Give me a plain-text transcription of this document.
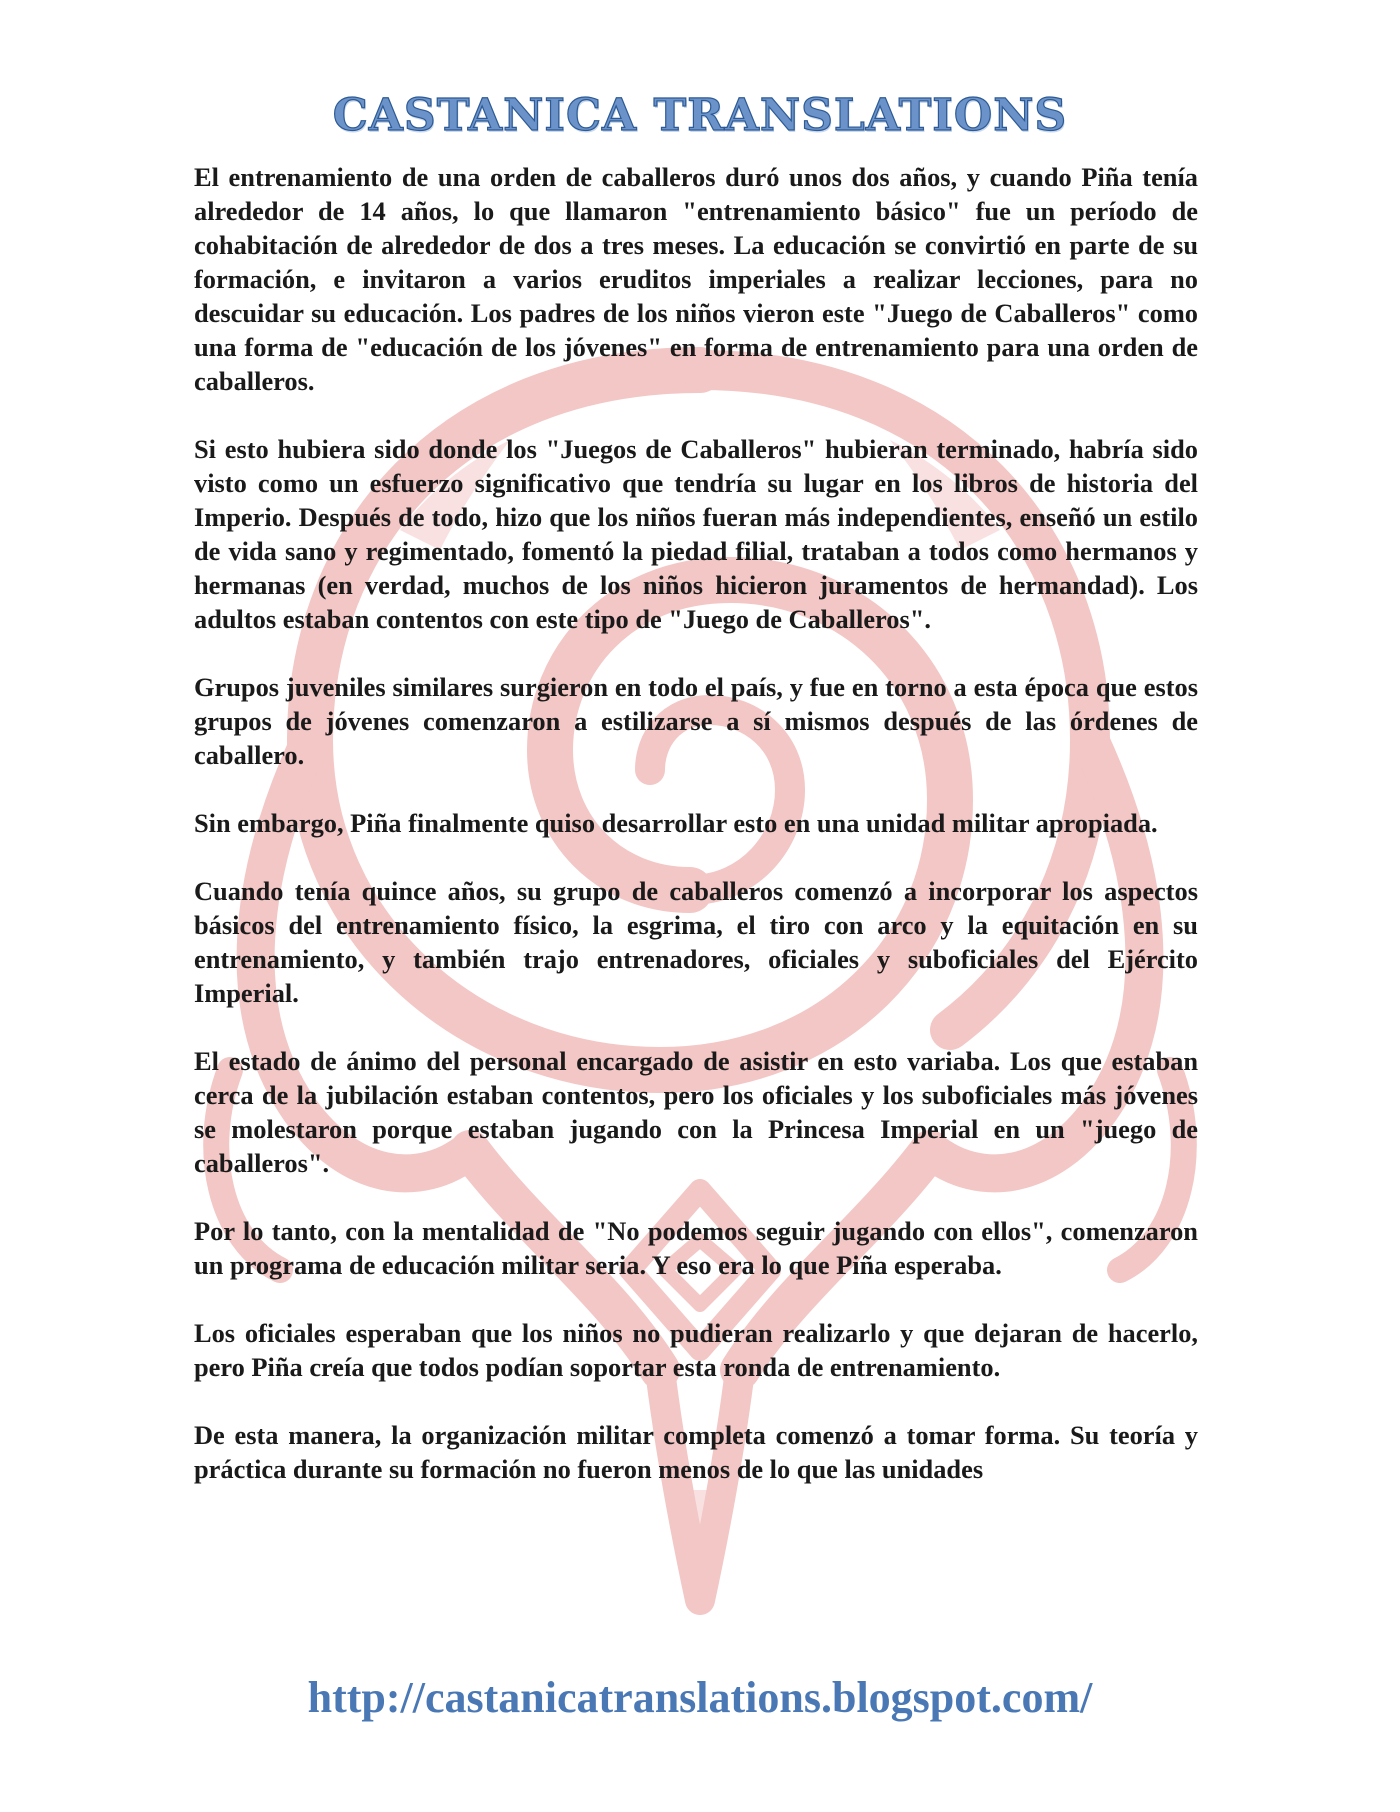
CASTANICA TRANSLATIONS

El entrenamiento de una orden de caballeros duró unos dos años, y cuando Piña tenía alrededor de 14 años, lo que llamaron "entrenamiento básico" fue un período de cohabitación de alrededor de dos a tres meses. La educación se convirtió en parte de su formación, e invitaron a varios eruditos imperiales a realizar lecciones, para no descuidar su educación. Los padres de los niños vieron este "Juego de Caballeros" como una forma de "educación de los jóvenes" en forma de entrenamiento para una orden de caballeros.

Si esto hubiera sido donde los "Juegos de Caballeros" hubieran terminado, habría sido visto como un esfuerzo significativo que tendría su lugar en los libros de historia del Imperio. Después de todo, hizo que los niños fueran más independientes, enseñó un estilo de vida sano y regimentado, fomentó la piedad filial, trataban a todos como hermanos y hermanas (en verdad, muchos de los niños hicieron juramentos de hermandad). Los adultos estaban contentos con este tipo de "Juego de Caballeros".

Grupos juveniles similares surgieron en todo el país, y fue en torno a esta época que estos grupos de jóvenes comenzaron a estilizarse a sí mismos después de las órdenes de caballero.

Sin embargo, Piña finalmente quiso desarrollar esto en una unidad militar apropiada.

Cuando tenía quince años, su grupo de caballeros comenzó a incorporar los aspectos básicos del entrenamiento físico, la esgrima, el tiro con arco y la equitación en su entrenamiento, y también trajo entrenadores, oficiales y suboficiales del Ejército Imperial.

El estado de ánimo del personal encargado de asistir en esto variaba. Los que estaban cerca de la jubilación estaban contentos, pero los oficiales y los suboficiales más jóvenes se molestaron porque estaban jugando con la Princesa Imperial en un "juego de caballeros".

Por lo tanto, con la mentalidad de "No podemos seguir jugando con ellos", comenzaron un programa de educación militar seria. Y eso era lo que Piña esperaba.

Los oficiales esperaban que los niños no pudieran realizarlo y que dejaran de hacerlo, pero Piña creía que todos podían soportar esta ronda de entrenamiento.

De esta manera, la organización militar completa comenzó a tomar forma. Su teoría y práctica durante su formación no fueron menos de lo que las unidades

http://castanicatranslations.blogspot.com/
